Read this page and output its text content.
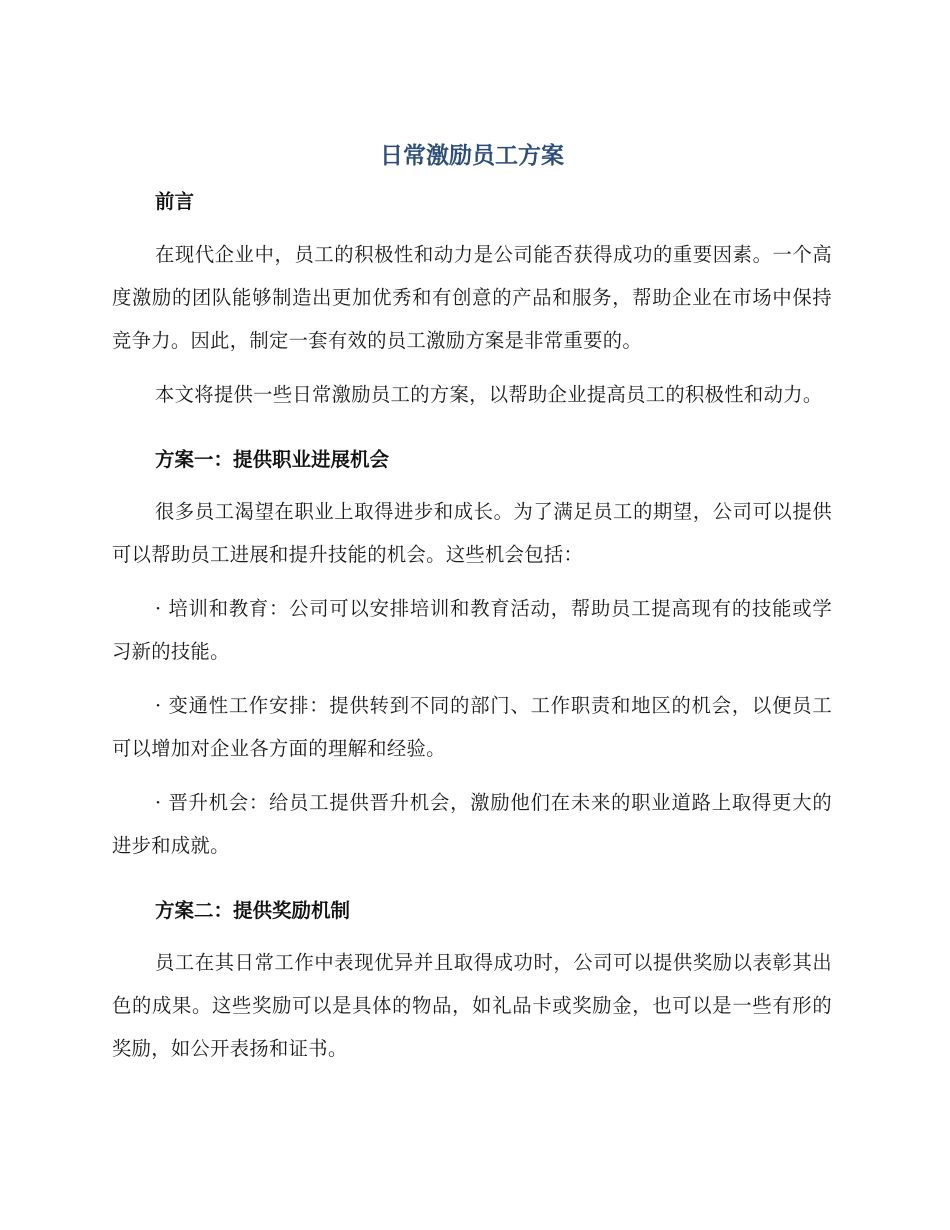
日常激励员工方案
前言

在现代企业中，员工的积极性和动力是公司能否获得成功的重要因素。一个高度激励的团队能够制造出更加优秀和有创意的产品和服务，帮助企业在市场中保持竞争力。因此，制定一套有效的员工激励方案是非常重要的。

本文将提供一些日常激励员工的方案，以帮助企业提高员工的积极性和动力。

方案一：提供职业进展机会

很多员工渴望在职业上取得进步和成长。为了满足员工的期望，公司可以提供可以帮助员工进展和提升技能的机会。这些机会包括：

· 培训和教育：公司可以安排培训和教育活动，帮助员工提高现有的技能或学习新的技能。

· 变通性工作安排：提供转到不同的部门、工作职责和地区的机会，以便员工可以增加对企业各方面的理解和经验。

· 晋升机会：给员工提供晋升机会，激励他们在未来的职业道路上取得更大的进步和成就。

方案二：提供奖励机制

员工在其日常工作中表现优异并且取得成功时，公司可以提供奖励以表彰其出色的成果。这些奖励可以是具体的物品，如礼品卡或奖励金，也可以是一些有形的奖励，如公开表扬和证书。
